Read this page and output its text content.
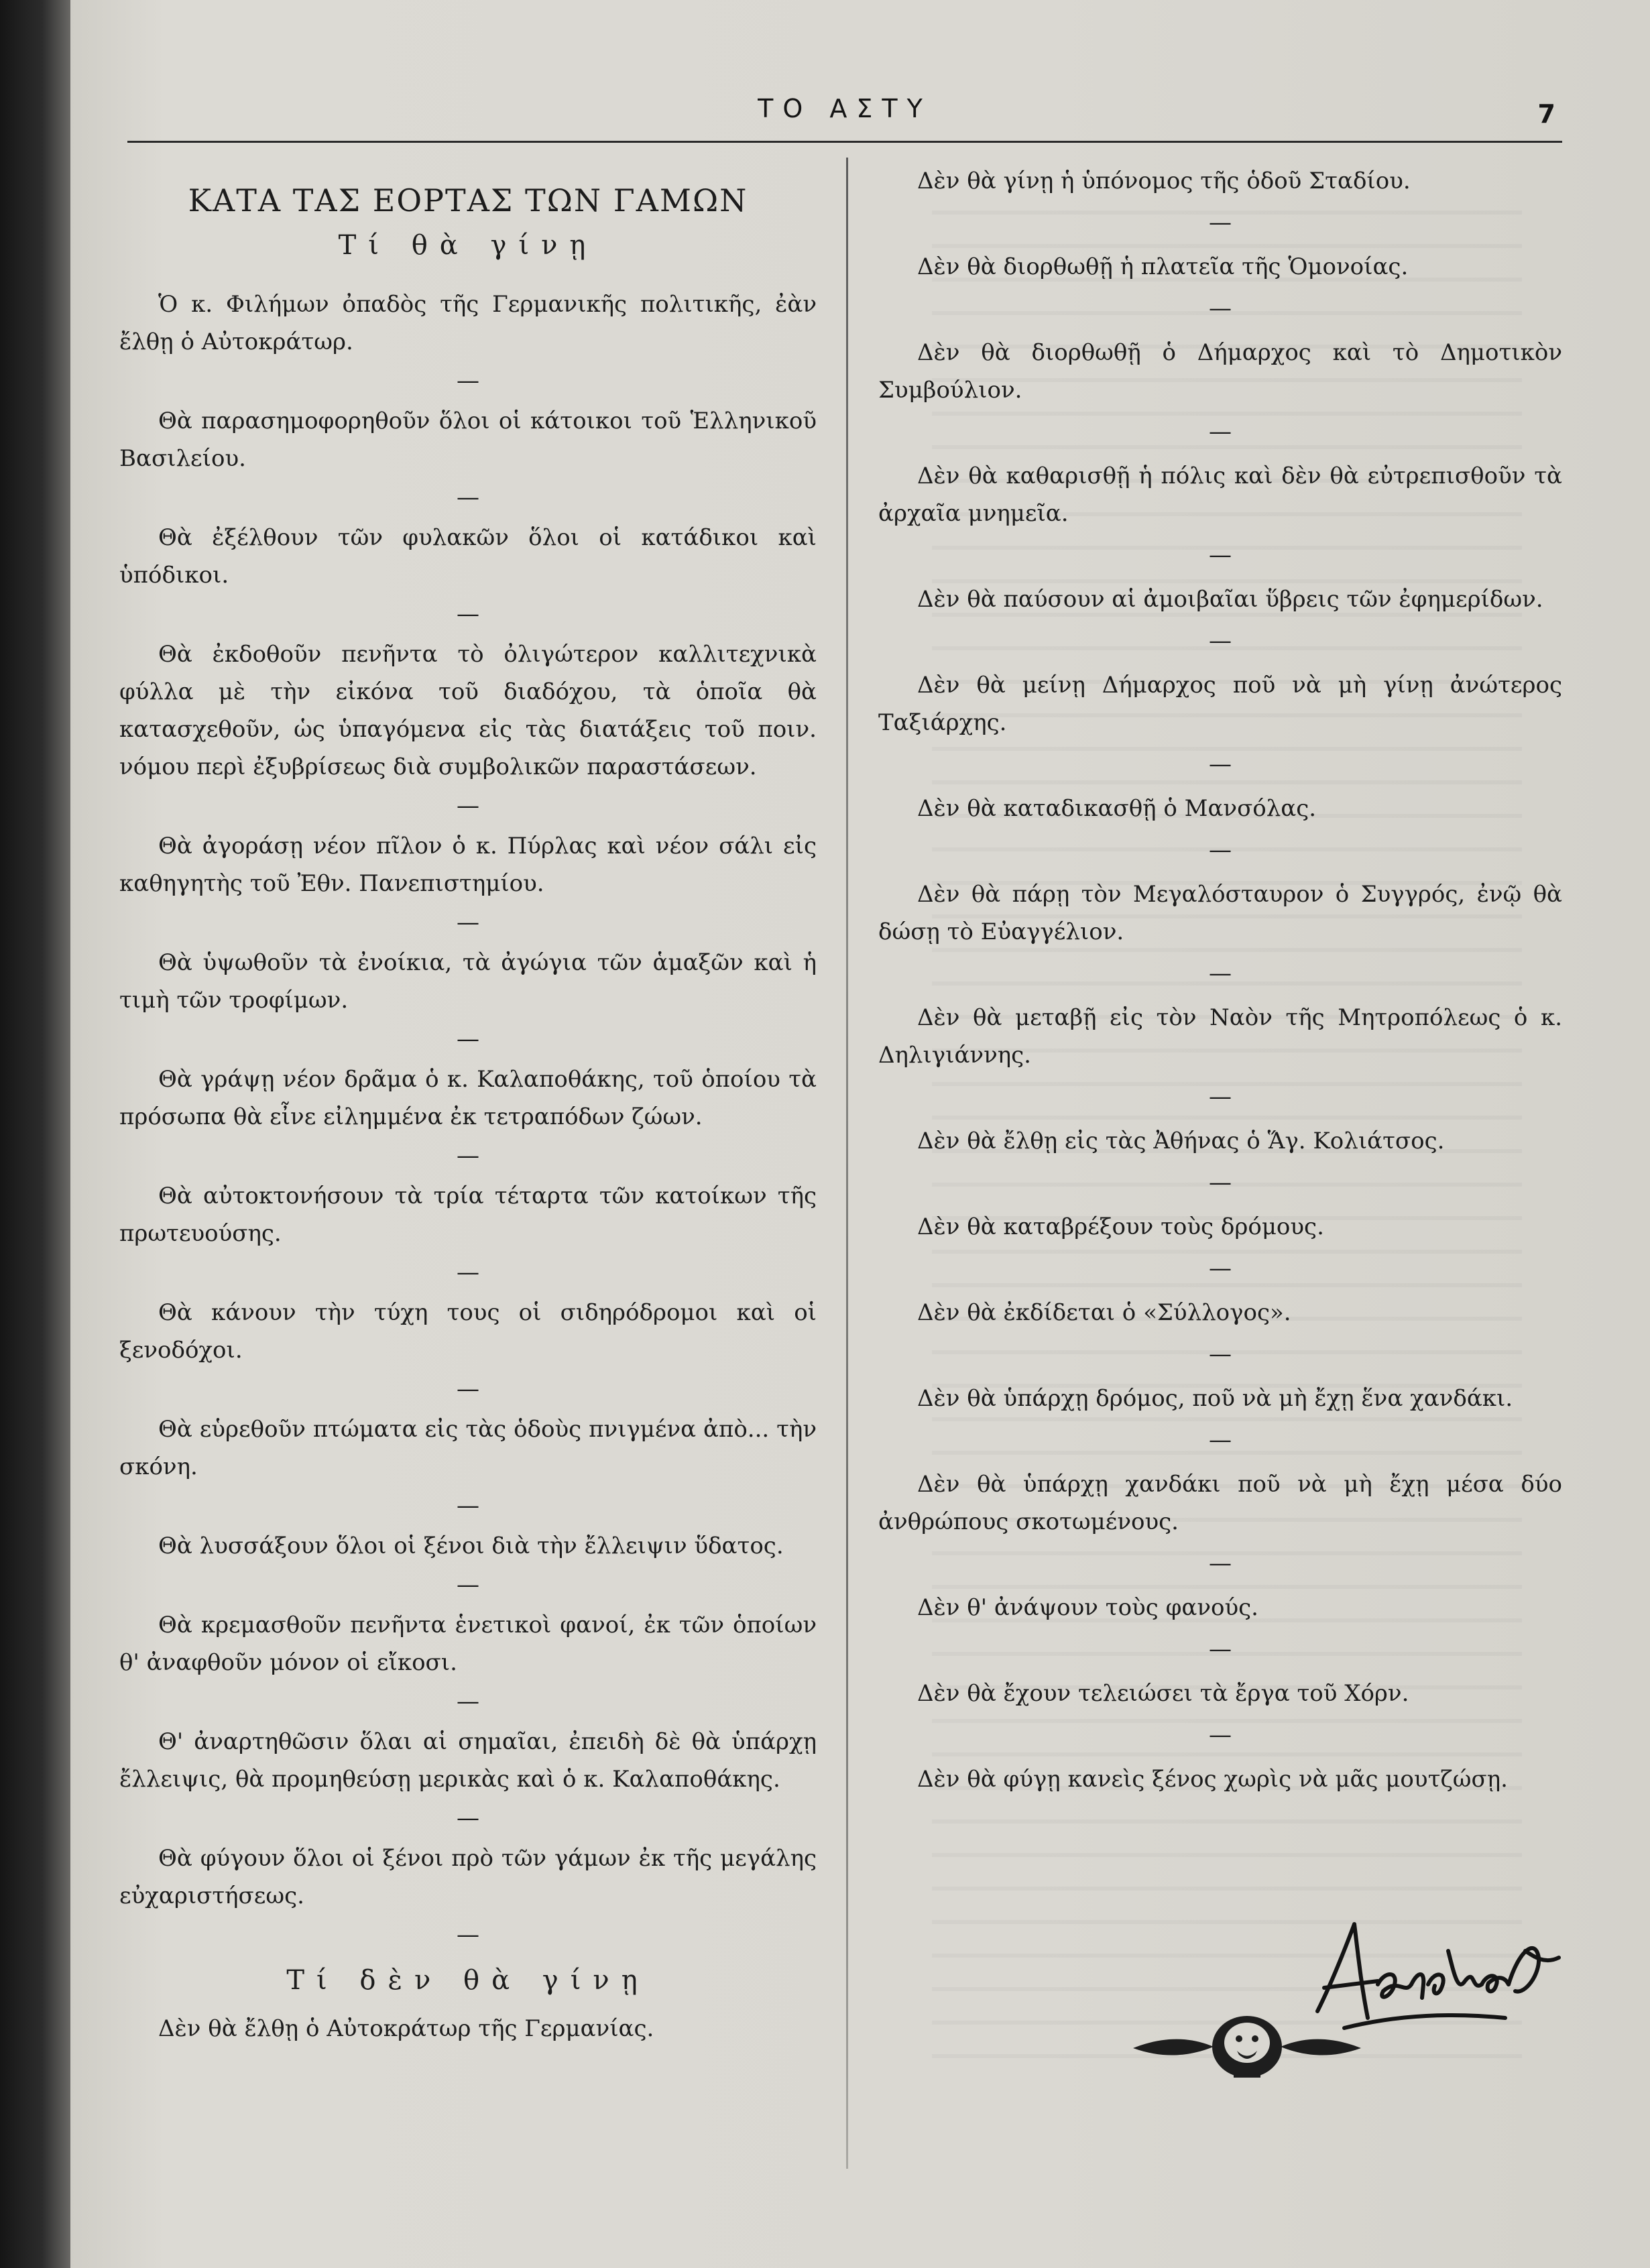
ΤΟ ΑΣΤΥ	7
ΚΑΤΑ ΤΑΣ ΕΟΡΤΑΣ ΤΩΝ ΓΑΜΩΝ
Τί θὰ γίνῃ

Ὁ κ. Φιλήμων ὀπαδὸς τῆς Γερμανικῆς πολιτικῆς, ἐὰν ἔλθῃ ὁ Αὐτοκράτωρ.

—

Θὰ παρασημοφορηθοῦν ὅλοι οἱ κάτοικοι τοῦ Ἑλληνικοῦ Βασιλείου.

—

Θὰ ἐξέλθουν τῶν φυλακῶν ὅλοι οἱ κατάδικοι καὶ ὑπόδικοι.

—

Θὰ ἐκδοθοῦν πενῆντα τὸ ὀλιγώτερον καλλιτεχνικὰ φύλλα μὲ τὴν εἰκόνα τοῦ διαδόχου, τὰ ὁποῖα θὰ κατασχεθοῦν, ὡς ὑπαγόμενα εἰς τὰς διατάξεις τοῦ ποιν. νόμου περὶ ἐξυβρίσεως διὰ συμβολικῶν παραστάσεων.

—

Θὰ ἀγοράσῃ νέον πῖλον ὁ κ. Πύρλας καὶ νέον σάλι εἰς καθηγητὴς τοῦ Ἐθν. Πανεπιστημίου.

—

Θὰ ὑψωθοῦν τὰ ἐνοίκια, τὰ ἀγώγια τῶν ἁμαξῶν καὶ ἡ τιμὴ τῶν τροφίμων.

—

Θὰ γράψῃ νέον δρᾶμα ὁ κ. Καλαποθάκης, τοῦ ὁποίου τὰ πρόσωπα θὰ εἶνε εἰλημμένα ἐκ τετραπόδων ζώων.

—

Θὰ αὐτοκτονήσουν τὰ τρία τέταρτα τῶν κατοίκων τῆς πρωτευούσης.

—

Θὰ κάνουν τὴν τύχη τους οἱ σιδηρόδρομοι καὶ οἱ ξενοδόχοι.

—

Θὰ εὑρεθοῦν πτώματα εἰς τὰς ὁδοὺς πνιγμένα ἀπὸ... τὴν σκόνη.

—

Θὰ λυσσάξουν ὅλοι οἱ ξένοι διὰ τὴν ἔλλειψιν ὕδατος.

—

Θὰ κρεμασθοῦν πενῆντα ἑνετικοὶ φανοί, ἐκ τῶν ὁποίων θ' ἀναφθοῦν μόνον οἱ εἴκοσι.

—

Θ' ἀναρτηθῶσιν ὅλαι αἱ σημαῖαι, ἐπειδὴ δὲ θὰ ὑπάρχῃ ἔλλειψις, θὰ προμηθεύσῃ μερικὰς καὶ ὁ κ. Καλαποθάκης.

—

Θὰ φύγουν ὅλοι οἱ ξένοι πρὸ τῶν γάμων ἐκ τῆς μεγάλης εὐχαριστήσεως.

—
Τί δὲν θὰ γίνῃ

Δὲν θὰ ἔλθῃ ὁ Αὐτοκράτωρ τῆς Γερμανίας.

Δὲν θὰ γίνῃ ἡ ὑπόνομος τῆς ὁδοῦ Σταδίου.

—

Δὲν θὰ διορθωθῇ ἡ πλατεῖα τῆς Ὁμονοίας.

—

Δὲν θὰ διορθωθῇ ὁ Δήμαρχος καὶ τὸ Δημοτικὸν Συμβούλιον.

—

Δὲν θὰ καθαρισθῇ ἡ πόλις καὶ δὲν θὰ εὐτρεπισθοῦν τὰ ἀρχαῖα μνημεῖα.

—

Δὲν θὰ παύσουν αἱ ἀμοιβαῖαι ὕβρεις τῶν ἐφημερίδων.

—

Δὲν θὰ μείνῃ Δήμαρχος ποῦ νὰ μὴ γίνῃ ἀνώτερος Ταξιάρχης.

—

Δὲν θὰ καταδικασθῇ ὁ Μανσόλας.

—

Δὲν θὰ πάρῃ τὸν Μεγαλόσταυρον ὁ Συγγρός, ἐνῷ θὰ δώσῃ τὸ Εὐαγγέλιον.

—

Δὲν θὰ μεταβῇ εἰς τὸν Ναὸν τῆς Μητροπόλεως ὁ κ. Δηλιγιάννης.

—

Δὲν θὰ ἔλθῃ εἰς τὰς Ἀθήνας ὁ Ἅγ. Κολιάτσος.

—

Δὲν θὰ καταβρέξουν τοὺς δρόμους.

—

Δὲν θὰ ἐκδίδεται ὁ «Σύλλογος».

—

Δὲν θὰ ὑπάρχῃ δρόμος, ποῦ νὰ μὴ ἔχῃ ἕνα χανδάκι.

—

Δὲν θὰ ὑπάρχῃ χανδάκι ποῦ νὰ μὴ ἔχῃ μέσα δύο ἀνθρώπους σκοτωμένους.

—

Δὲν θ' ἀνάψουν τοὺς φανούς.

—

Δὲν θὰ ἔχουν τελειώσει τὰ ἔργα τοῦ Χόρν.

—

Δὲν θὰ φύγῃ κανεὶς ξένος χωρὶς νὰ μᾶς μουτζώσῃ.
